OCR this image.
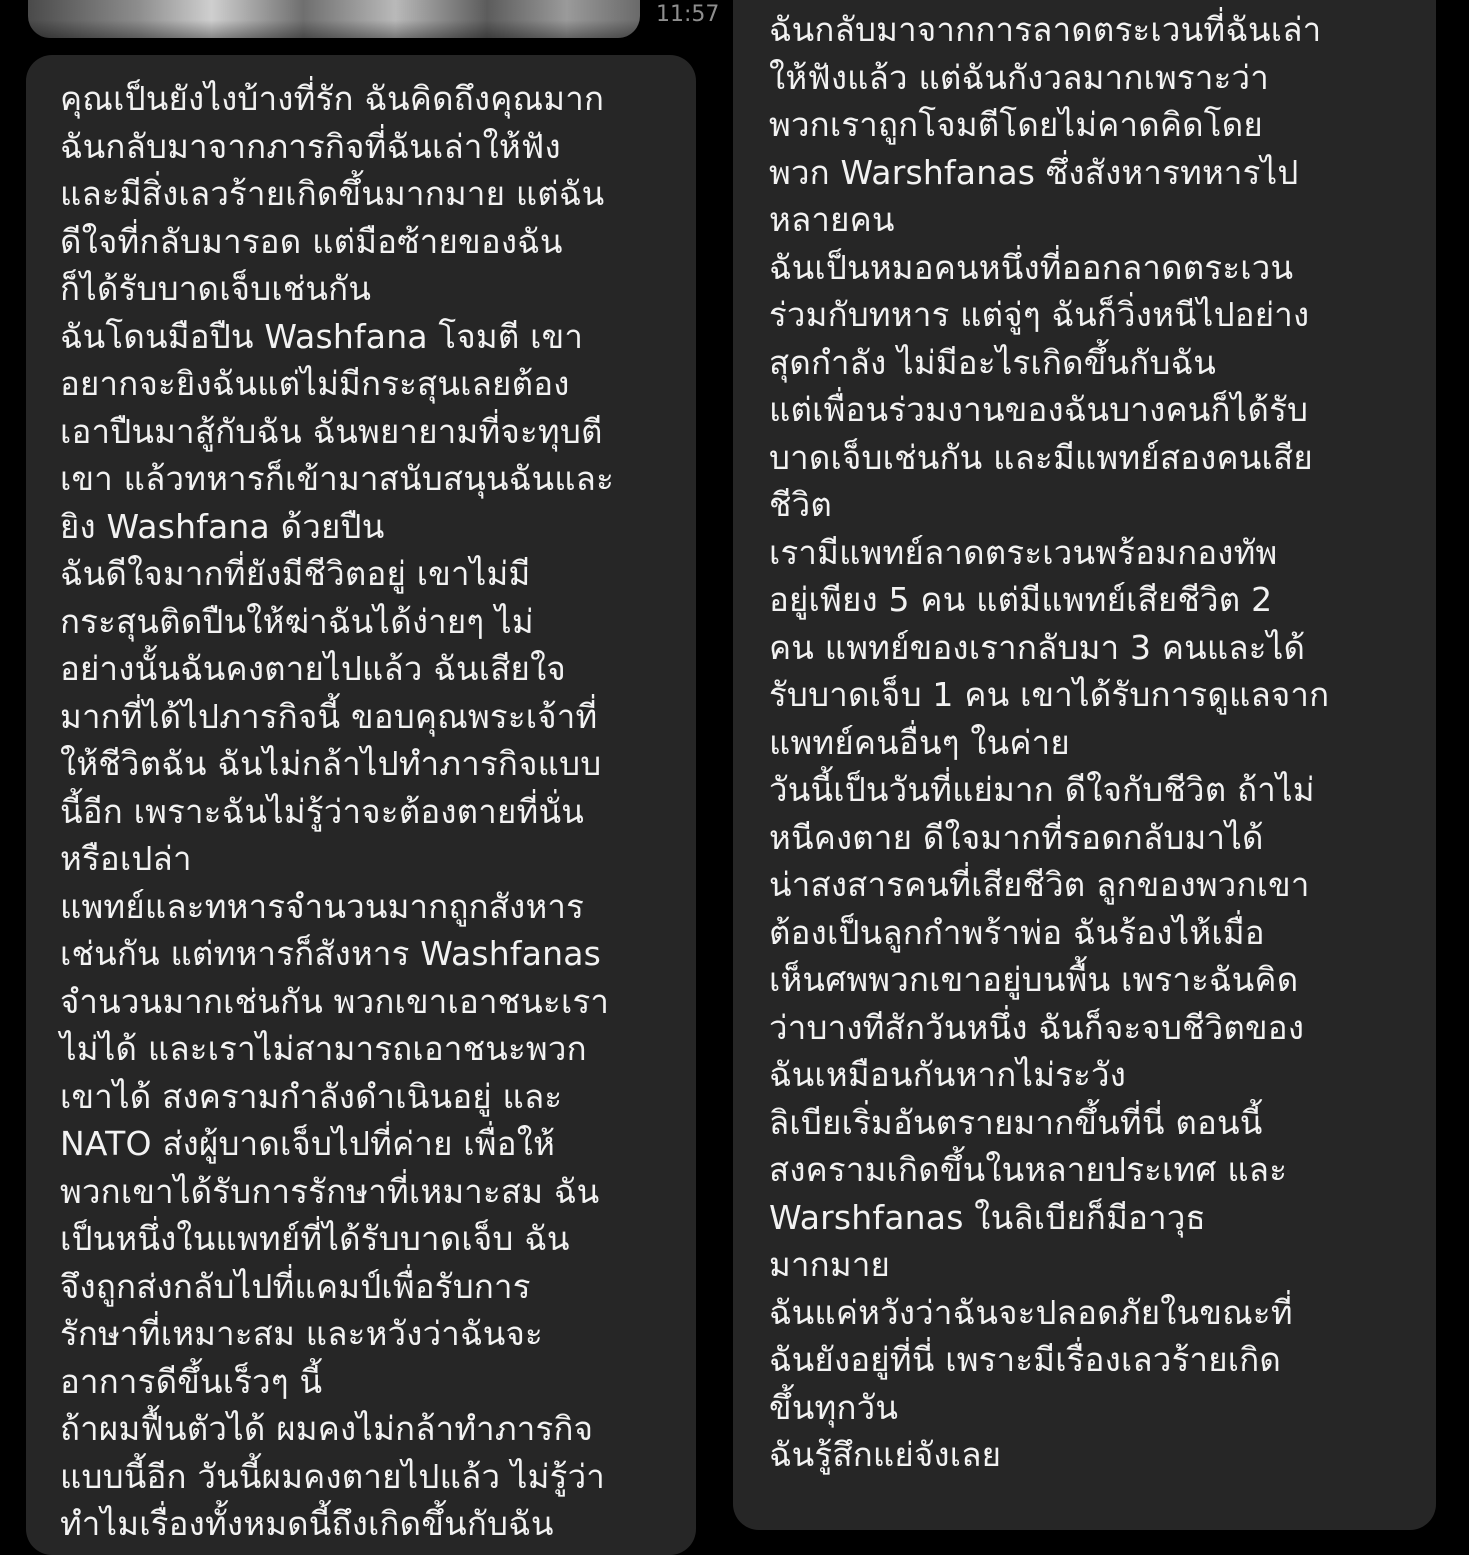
11:57
คุณเป็นยังไงบ้างที่รัก ฉันคิดถึงคุณมาก
ฉันกลับมาจากภารกิจที่ฉันเล่าให้ฟัง
และมีสิ่งเลวร้ายเกิดขึ้นมากมาย แต่ฉัน
ดีใจที่กลับมารอด แต่มือซ้ายของฉัน
ก็ได้รับบาดเจ็บเช่นกัน
ฉันโดนมือปืน Washfana โจมตี เขา
อยากจะยิงฉันแต่ไม่มีกระสุนเลยต้อง
เอาปืนมาสู้กับฉัน ฉันพยายามที่จะทุบตี
เขา แล้วทหารก็เข้ามาสนับสนุนฉันและ
ยิง Washfana ด้วยปืน
ฉันดีใจมากที่ยังมีชีวิตอยู่ เขาไม่มี
กระสุนติดปืนให้ฆ่าฉันได้ง่ายๆ ไม่
อย่างนั้นฉันคงตายไปแล้ว ฉันเสียใจ
มากที่ได้ไปภารกิจนี้ ขอบคุณพระเจ้าที่
ให้ชีวิตฉัน ฉันไม่กล้าไปทำภารกิจแบบ
นี้อีก เพราะฉันไม่รู้ว่าจะต้องตายที่นั่น
หรือเปล่า
แพทย์และทหารจำนวนมากถูกสังหาร
เช่นกัน แต่ทหารก็สังหาร Washfanas
จำนวนมากเช่นกัน พวกเขาเอาชนะเรา
ไม่ได้ และเราไม่สามารถเอาชนะพวก
เขาได้ สงครามกำลังดำเนินอยู่ และ
NATO ส่งผู้บาดเจ็บไปที่ค่าย เพื่อให้
พวกเขาได้รับการรักษาที่เหมาะสม ฉัน
เป็นหนึ่งในแพทย์ที่ได้รับบาดเจ็บ ฉัน
จึงถูกส่งกลับไปที่แคมป์เพื่อรับการ
รักษาที่เหมาะสม และหวังว่าฉันจะ
อาการดีขึ้นเร็วๆ นี้
ถ้าผมฟื้นตัวได้ ผมคงไม่กล้าทำภารกิจ
แบบนี้อีก วันนี้ผมคงตายไปแล้ว ไม่รู้ว่า
ทำไมเรื่องทั้งหมดนี้ถึงเกิดขึ้นกับฉัน
ฉันกลับมาจากการลาดตระเวนที่ฉันเล่า
ให้ฟังแล้ว แต่ฉันกังวลมากเพราะว่า
พวกเราถูกโจมตีโดยไม่คาดคิดโดย
พวก Warshfanas ซึ่งสังหารทหารไป
หลายคน
ฉันเป็นหมอคนหนึ่งที่ออกลาดตระเวน
ร่วมกับทหาร แต่จู่ๆ ฉันก็วิ่งหนีไปอย่าง
สุดกำลัง ไม่มีอะไรเกิดขึ้นกับฉัน
แต่เพื่อนร่วมงานของฉันบางคนก็ได้รับ
บาดเจ็บเช่นกัน และมีแพทย์สองคนเสีย
ชีวิต
เรามีแพทย์ลาดตระเวนพร้อมกองทัพ
อยู่เพียง 5 คน แต่มีแพทย์เสียชีวิต 2
คน แพทย์ของเรากลับมา 3 คนและได้
รับบาดเจ็บ 1 คน เขาได้รับการดูแลจาก
แพทย์คนอื่นๆ ในค่าย
วันนี้เป็นวันที่แย่มาก ดีใจกับชีวิต ถ้าไม่
หนีคงตาย ดีใจมากที่รอดกลับมาได้
น่าสงสารคนที่เสียชีวิต ลูกของพวกเขา
ต้องเป็นลูกกำพร้าพ่อ ฉันร้องไห้เมื่อ
เห็นศพพวกเขาอยู่บนพื้น เพราะฉันคิด
ว่าบางทีสักวันหนึ่ง ฉันก็จะจบชีวิตของ
ฉันเหมือนกันหากไม่ระวัง
ลิเบียเริ่มอันตรายมากขึ้นที่นี่ ตอนนี้
สงครามเกิดขึ้นในหลายประเทศ และ
Warshfanas ในลิเบียก็มีอาวุธ
มากมาย
ฉันแค่หวังว่าฉันจะปลอดภัยในขณะที่
ฉันยังอยู่ที่นี่ เพราะมีเรื่องเลวร้ายเกิด
ขึ้นทุกวัน
ฉันรู้สึกแย่จังเลย
